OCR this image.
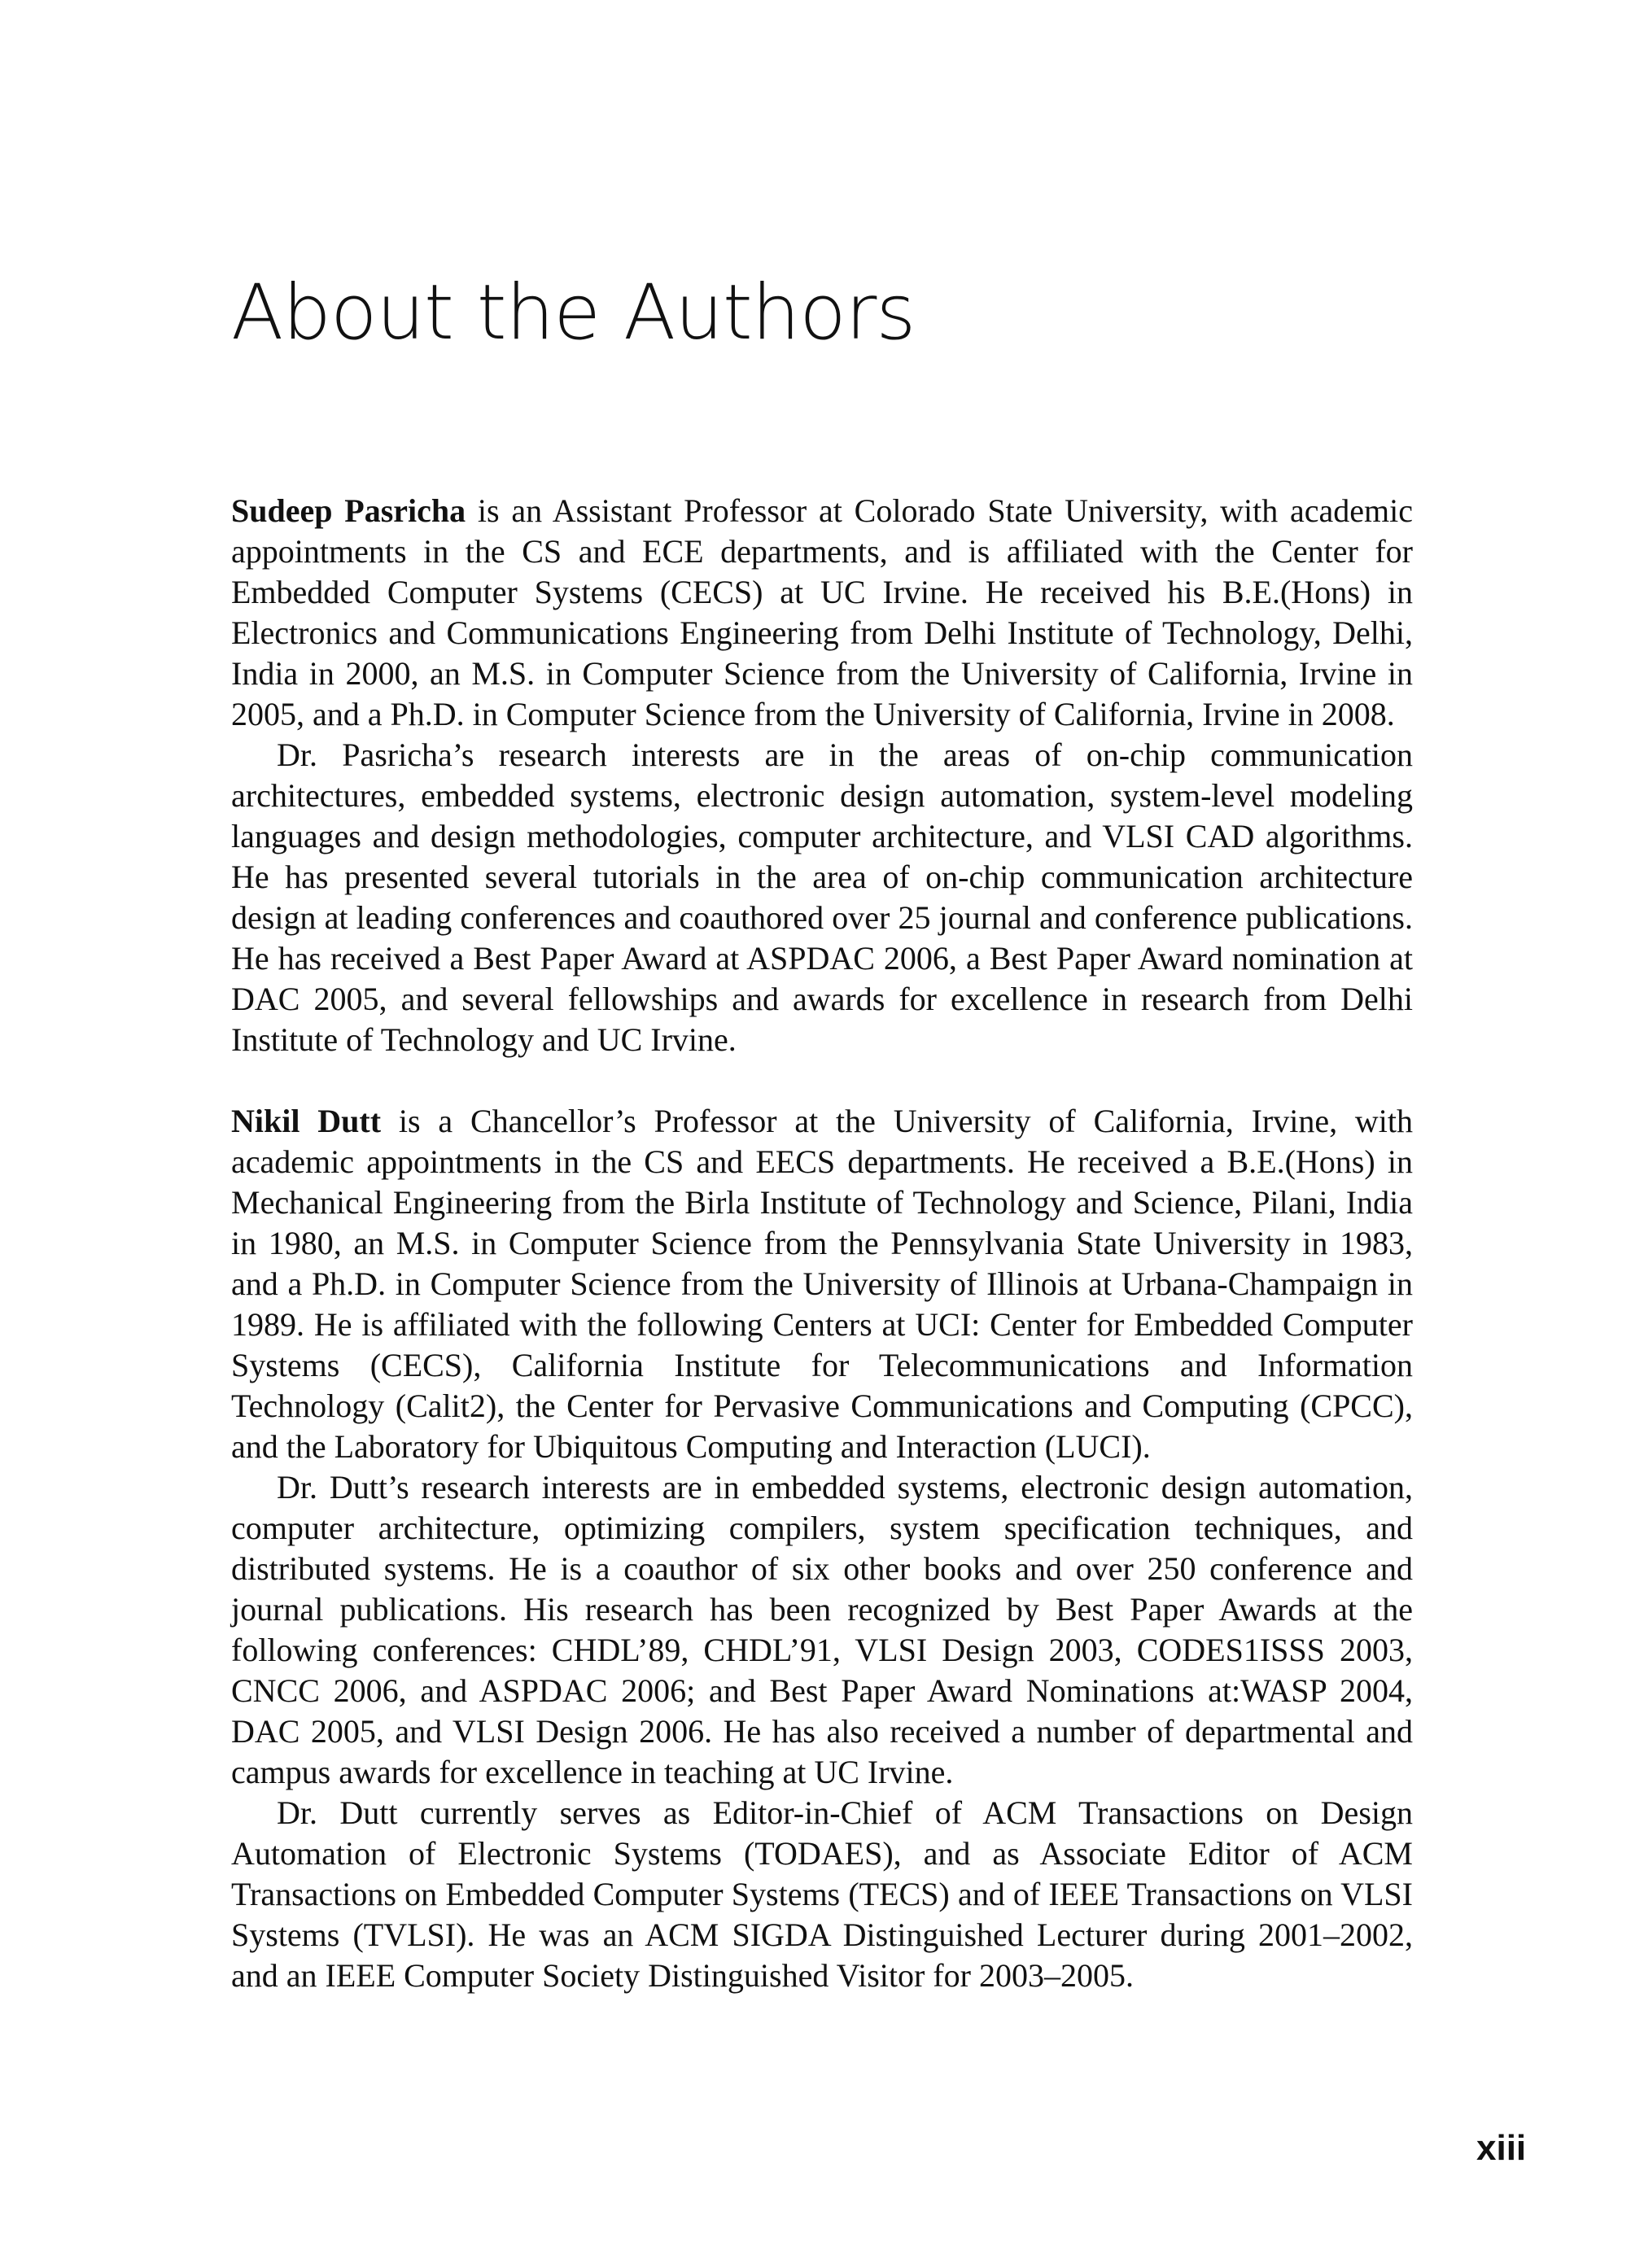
About the Authors

Sudeep Pasricha is an Assistant Professor at Colorado State University, with academic appointments in the CS and ECE departments, and is affiliated with the Center for Embedded Computer Systems (CECS) at UC Irvine. He received his B.E.(Hons) in Electronics and Communications Engineering from Delhi Institute of Technology, Delhi, India in 2000, an M.S. in Computer Science from the University of California, Irvine in 2005, and a Ph.D. in Computer Science from the University of California, Irvine in 2008.

Dr. Pasricha’s research interests are in the areas of on-chip communication architectures, embedded systems, electronic design automation, system-level modeling languages and design methodologies, computer architecture, and VLSI CAD algorithms. He has presented several tutorials in the area of on-chip communication architecture design at leading conferences and coauthored over 25 journal and conference publications. He has received a Best Paper Award at ASPDAC 2006, a Best Paper Award nomination at DAC 2005, and several fellowships and awards for excellence in research from Delhi Institute of Technology and UC Irvine.

Nikil Dutt is a Chancellor’s Professor at the University of California, Irvine, with academic appointments in the CS and EECS departments. He received a B.E.(Hons) in Mechanical Engineering from the Birla Institute of Technology and Science, Pilani, India in 1980, an M.S. in Computer Science from the Pennsylvania State University in 1983, and a Ph.D. in Computer Science from the University of Illinois at Urbana-Champaign in 1989. He is affiliated with the following Centers at UCI: Center for Embedded Computer Systems (CECS), California Institute for Telecommunications and Information Technology (Calit2), the Center for Pervasive Communications and Computing (CPCC), and the Laboratory for Ubiquitous Computing and Interaction (LUCI).

Dr. Dutt’s research interests are in embedded systems, electronic design automation, computer architecture, optimizing compilers, system specification techniques, and distributed systems. He is a coauthor of six other books and over 250 conference and journal publications. His research has been recognized by Best Paper Awards at the following conferences: CHDL’89, CHDL’91, VLSI Design 2003, CODES1ISSS 2003, CNCC 2006, and ASPDAC 2006; and Best Paper Award Nominations at:WASP 2004, DAC 2005, and VLSI Design 2006. He has also received a number of departmental and campus awards for excellence in teaching at UC Irvine.

Dr. Dutt currently serves as Editor-in-Chief of ACM Transactions on Design Automation of Electronic Systems (TODAES), and as Associate Editor of ACM Transactions on Embedded Computer Systems (TECS) and of IEEE Transactions on VLSI Systems (TVLSI). He was an ACM SIGDA Distinguished Lecturer during 2001–2002, and an IEEE Computer Society Distinguished Visitor for 2003–2005.

xiii
